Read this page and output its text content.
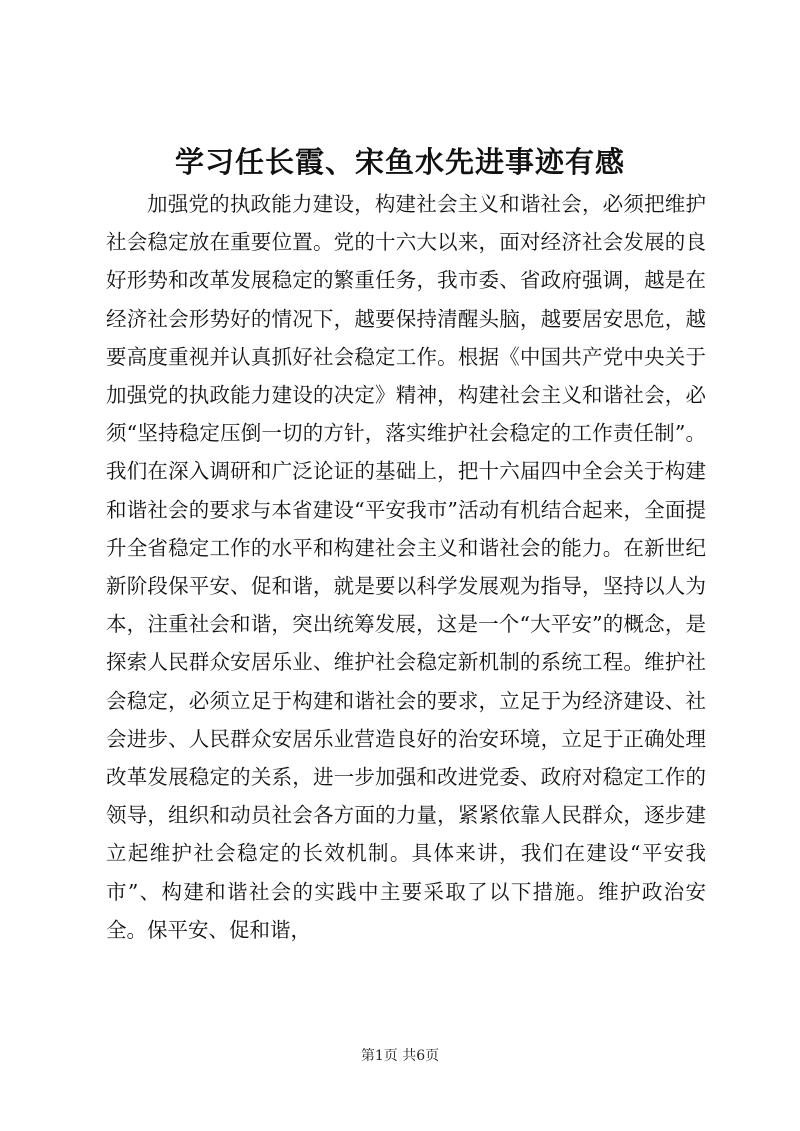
学习任长霞、宋鱼水先进事迹有感

加强党的执政能力建设，构建社会主义和谐社会，必须把维护社会稳定放在重要位置。党的十六大以来，面对经济社会发展的良好形势和改革发展稳定的繁重任务，我市委、省政府强调，越是在经济社会形势好的情况下，越要保持清醒头脑，越要居安思危，越要高度重视并认真抓好社会稳定工作。根据《中国共产党中央关于加强党的执政能力建设的决定》精神，构建社会主义和谐社会，必须“坚持稳定压倒一切的方针，落实维护社会稳定的工作责任制”。我们在深入调研和广泛论证的基础上，把十六届四中全会关于构建和谐社会的要求与本省建设“平安我市”活动有机结合起来，全面提升全省稳定工作的水平和构建社会主义和谐社会的能力。在新世纪新阶段保平安、促和谐，就是要以科学发展观为指导，坚持以人为本，注重社会和谐，突出统筹发展，这是一个“大平安”的概念，是探索人民群众安居乐业、维护社会稳定新机制的系统工程。维护社会稳定，必须立足于构建和谐社会的要求，立足于为经济建设、社会进步、人民群众安居乐业营造良好的治安环境，立足于正确处理改革发展稳定的关系，进一步加强和改进党委、政府对稳定工作的领导，组织和动员社会各方面的力量，紧紧依靠人民群众，逐步建立起维护社会稳定的长效机制。具体来讲，我们在建设“平安我市”、构建和谐社会的实践中主要采取了以下措施。维护政治安全。保平安、促和谐，

第1页 共6页
